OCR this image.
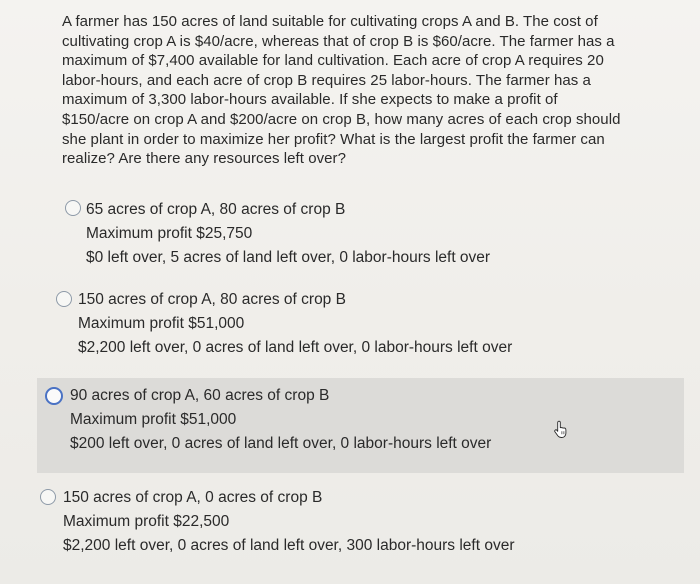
A farmer has 150 acres of land suitable for cultivating crops A and B. The cost of
cultivating crop A is $40/acre, whereas that of crop B is $60/acre. The farmer has a
maximum of $7,400 available for land cultivation. Each acre of crop A requires 20
labor-hours, and each acre of crop B requires 25 labor-hours. The farmer has a
maximum of 3,300 labor-hours available. If she expects to make a profit of
$150/acre on crop A and $200/acre on crop B, how many acres of each crop should
she plant in order to maximize her profit? What is the largest profit the farmer can
realize? Are there any resources left over?
65 acres of crop A, 80 acres of crop B
Maximum profit $25,750
$0 left over, 5 acres of land left over, 0 labor-hours left over
150 acres of crop A, 80 acres of crop B
Maximum profit $51,000
$2,200 left over, 0 acres of land left over, 0 labor-hours left over
90 acres of crop A, 60 acres of crop B
Maximum profit $51,000
$200 left over, 0 acres of land left over, 0 labor-hours left over
150 acres of crop A, 0 acres of crop B
Maximum profit $22,500
$2,200 left over, 0 acres of land left over, 300 labor-hours left over
